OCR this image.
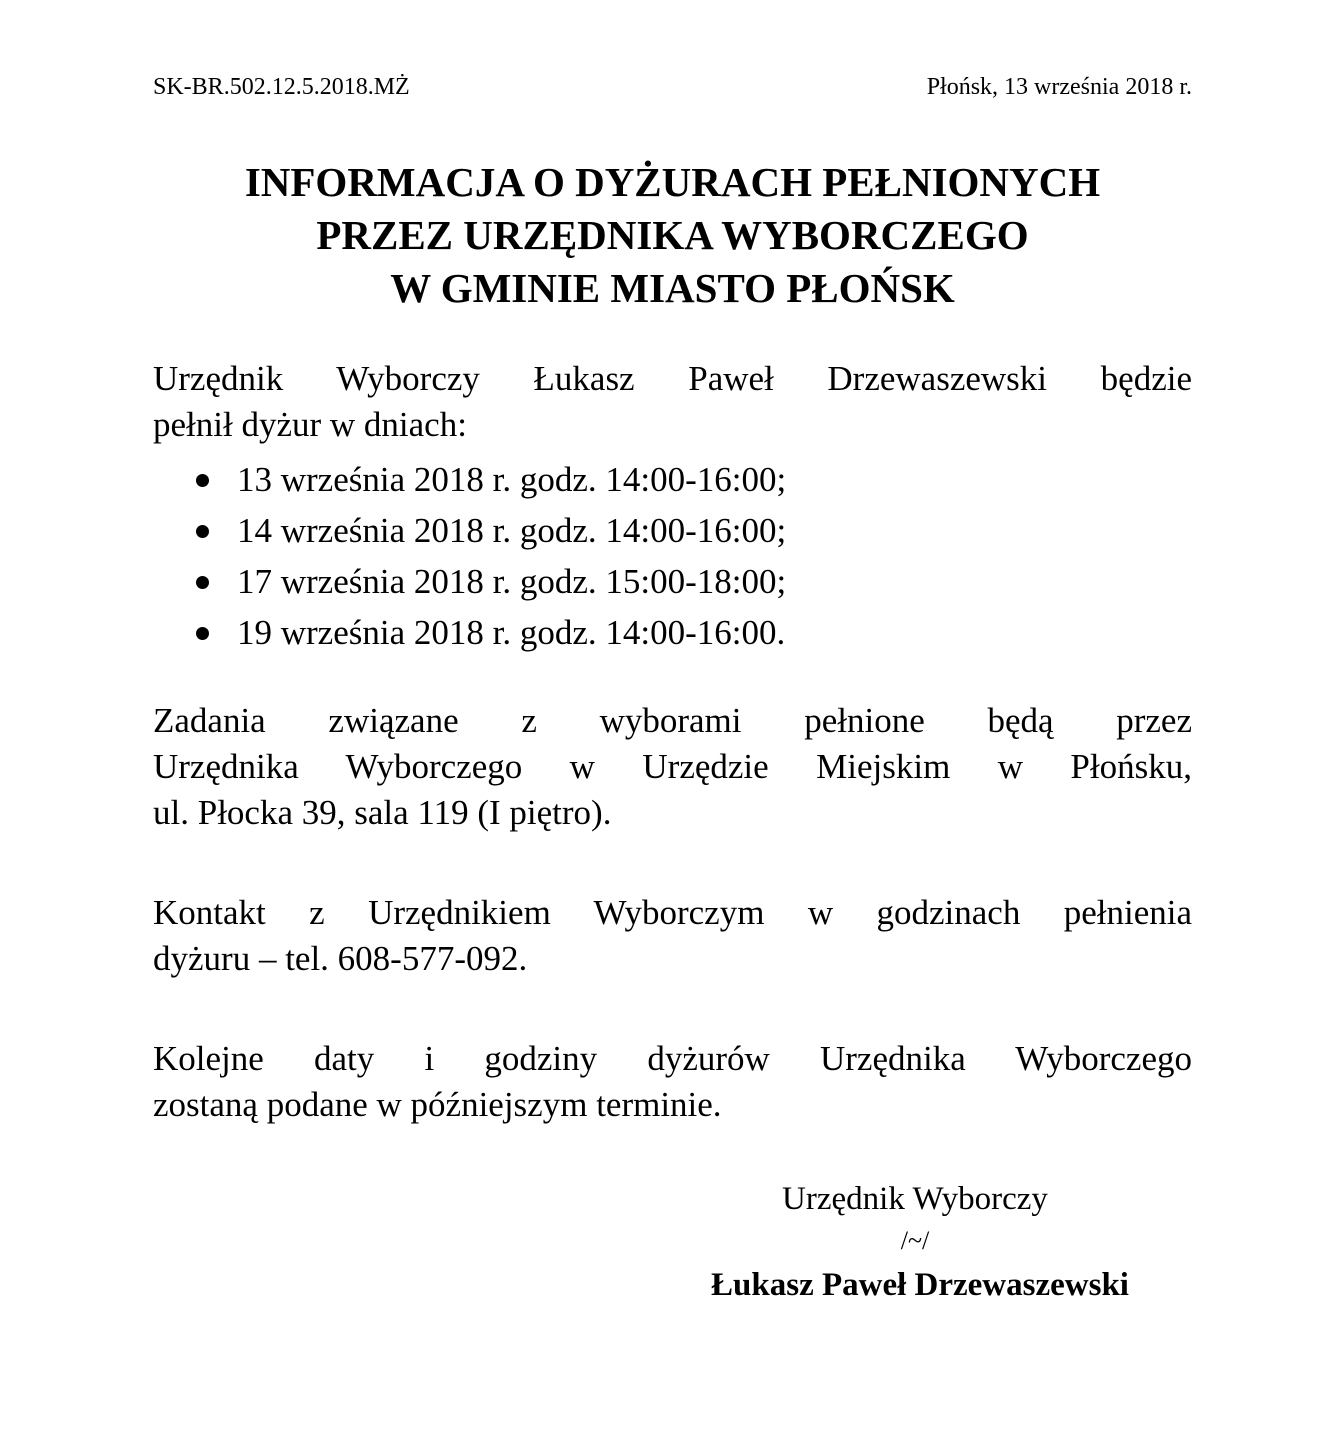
SK-BR.502.12.5.2018.MŻ	Płońsk, 13 września 2018 r.
INFORMACJA O DYŻURACH PEŁNIONYCH
PRZEZ URZĘDNIKA WYBORCZEGO
W GMINIE MIASTO PŁOŃSK
Urzędnik Wyborczy Łukasz Paweł Drzewaszewski będzie
pełnił dyżur w dniach:
13 września 2018 r. godz. 14:00-16:00;
14 września 2018 r. godz. 14:00-16:00;
17 września 2018 r. godz. 15:00-18:00;
19 września 2018 r. godz. 14:00-16:00.
Zadania związane z wyborami pełnione będą przez
Urzędnika Wyborczego w Urzędzie Miejskim w Płońsku,
ul. Płocka 39, sala 119 (I piętro).
Kontakt z Urzędnikiem Wyborczym w godzinach pełnienia
dyżuru – tel. 608-577-092.
Kolejne daty i godziny dyżurów Urzędnika Wyborczego
zostaną podane w późniejszym terminie.
Urzędnik Wyborczy
/~/
Łukasz Paweł Drzewaszewski
